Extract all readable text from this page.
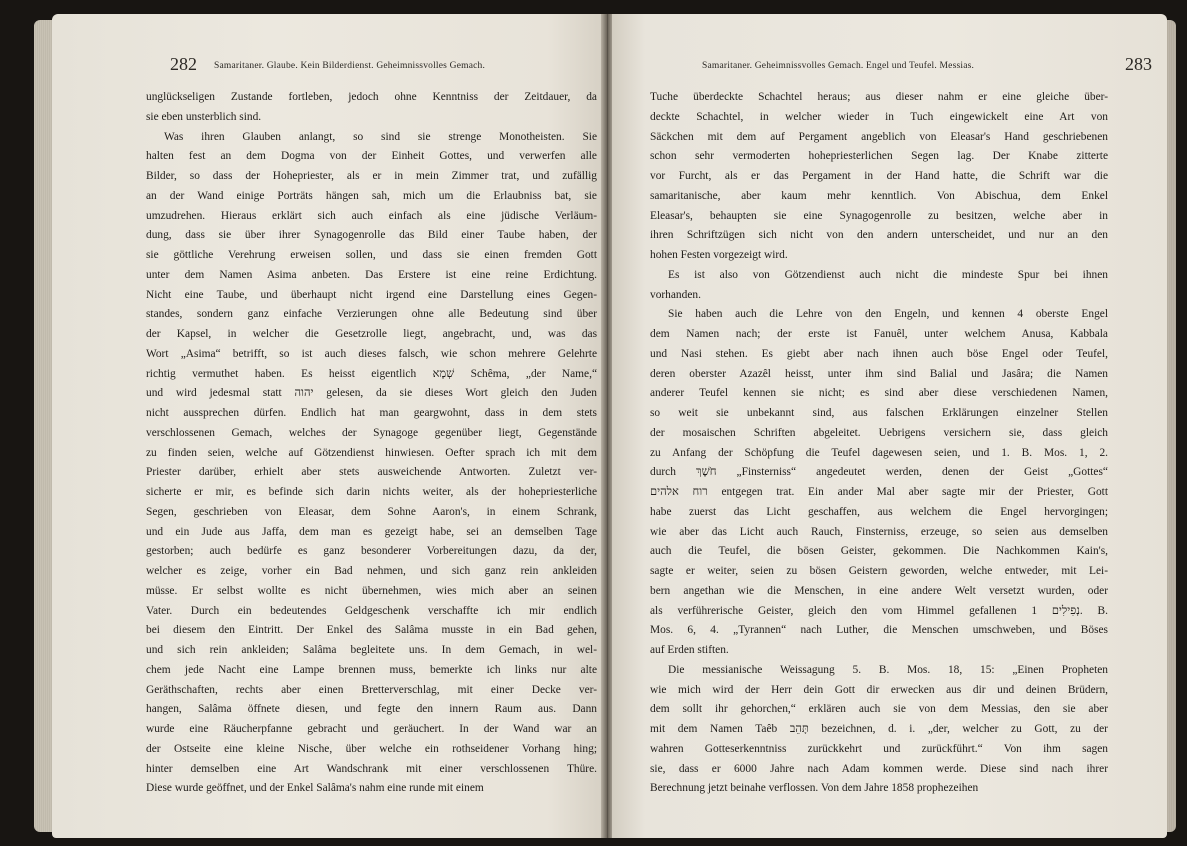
282 Samaritaner. Glaube. Kein Bilderdienst. Geheimnissvolles Gemach.
unglückseligen Zustande fortleben, jedoch ohne Kenntniss der Zeitdauer, da
sie eben unsterblich sind.
Was ihren Glauben anlangt, so sind sie strenge Monotheisten. Sie
halten fest an dem Dogma von der Einheit Gottes, und verwerfen alle
Bilder, so dass der Hohepriester, als er in mein Zimmer trat, und zufällig
an der Wand einige Porträts hängen sah, mich um die Erlaubniss bat, sie
umzudrehen. Hieraus erklärt sich auch einfach als eine jüdische Verläum-
dung, dass sie über ihrer Synagogenrolle das Bild einer Taube haben, der
sie göttliche Verehrung erweisen sollen, und dass sie einen fremden Gott
unter dem Namen Asima anbeten. Das Erstere ist eine reine Erdichtung.
Nicht eine Taube, und überhaupt nicht irgend eine Darstellung eines Gegen-
standes, sondern ganz einfache Verzierungen ohne alle Bedeutung sind über
der Kapsel, in welcher die Gesetzrolle liegt, angebracht, und, was das
Wort „Asima“ betrifft, so ist auch dieses falsch, wie schon mehrere Gelehrte
richtig vermuthet haben. Es heisst eigentlich שְׁמָא Schêma, „der Name,“
und wird jedesmal statt יהוה gelesen, da sie dieses Wort gleich den Juden
nicht aussprechen dürfen. Endlich hat man geargwohnt, dass in dem stets
verschlossenen Gemach, welches der Synagoge gegenüber liegt, Gegenstände
zu finden seien, welche auf Götzendienst hinwiesen. Oefter sprach ich mit dem
Priester darüber, erhielt aber stets ausweichende Antworten. Zuletzt ver-
sicherte er mir, es befinde sich darin nichts weiter, als der hohepriesterliche
Segen, geschrieben von Eleasar, dem Sohne Aaron's, in einem Schrank,
und ein Jude aus Jaffa, dem man es gezeigt habe, sei an demselben Tage
gestorben; auch bedürfe es ganz besonderer Vorbereitungen dazu, da der,
welcher es zeige, vorher ein Bad nehmen, und sich ganz rein ankleiden
müsse. Er selbst wollte es nicht übernehmen, wies mich aber an seinen
Vater. Durch ein bedeutendes Geldgeschenk verschaffte ich mir endlich
bei diesem den Eintritt. Der Enkel des Salâma musste in ein Bad gehen,
und sich rein ankleiden; Salâma begleitete uns. In dem Gemach, in wel-
chem jede Nacht eine Lampe brennen muss, bemerkte ich links nur alte
Geräthschaften, rechts aber einen Bretterverschlag, mit einer Decke ver-
hangen, Salâma öffnete diesen, und fegte den innern Raum aus. Dann
wurde eine Räucherpfanne gebracht und geräuchert. In der Wand war an
der Ostseite eine kleine Nische, über welche ein rothseidener Vorhang hing;
hinter demselben eine Art Wandschrank mit einer verschlossenen Thüre.
Diese wurde geöffnet, und der Enkel Salâma's nahm eine runde mit einem
Samaritaner. Geheimnissvolles Gemach. Engel und Teufel. Messias.	283
Tuche überdeckte Schachtel heraus; aus dieser nahm er eine gleiche über-
deckte Schachtel, in welcher wieder in Tuch eingewickelt eine Art von
Säckchen mit dem auf Pergament angeblich von Eleasar's Hand geschriebenen
schon sehr vermoderten hohepriesterlichen Segen lag. Der Knabe zitterte
vor Furcht, als er das Pergament in der Hand hatte, die Schrift war die
samaritanische, aber kaum mehr kenntlich. Von Abischua, dem Enkel
Eleasar's, behaupten sie eine Synagogenrolle zu besitzen, welche aber in
ihren Schriftzügen sich nicht von den andern unterscheidet, und nur an den
hohen Festen vorgezeigt wird.
Es ist also von Götzendienst auch nicht die mindeste Spur bei ihnen
vorhanden.
Sie haben auch die Lehre von den Engeln, und kennen 4 oberste Engel
dem Namen nach; der erste ist Fanuêl, unter welchem Anusa, Kabbala
und Nasi stehen. Es giebt aber nach ihnen auch böse Engel oder Teufel,
deren oberster Azazêl heisst, unter ihm sind Balial und Jasâra; die Namen
anderer Teufel kennen sie nicht; es sind aber diese verschiedenen Namen,
so weit sie unbekannt sind, aus falschen Erklärungen einzelner Stellen
der mosaischen Schriften abgeleitet. Uebrigens versichern sie, dass gleich
zu Anfang der Schöpfung die Teufel dagewesen seien, und 1. B. Mos. 1, 2.
durch חֹשֶׁךְ „Finsterniss“ angedeutet werden, denen der Geist „Gottes“
רוח אלהים entgegen trat. Ein ander Mal aber sagte mir der Priester, Gott
habe zuerst das Licht geschaffen, aus welchem die Engel hervorgingen;
wie aber das Licht auch Rauch, Finsterniss, erzeuge, so seien aus demselben
auch die Teufel, die bösen Geister, gekommen. Die Nachkommen Kain's,
sagte er weiter, seien zu bösen Geistern geworden, welche entweder, mit Lei-
bern angethan wie die Menschen, in eine andere Welt versetzt wurden, oder
als verführerische Geister, gleich den vom Himmel gefallenen נְפִילִים 1. B.
Mos. 6, 4. „Tyrannen“ nach Luther, die Menschen umschweben, und Böses
auf Erden stiften.
Die messianische Weissagung 5. B. Mos. 18, 15: „Einen Propheten
wie mich wird der Herr dein Gott dir erwecken aus dir und deinen Brüdern,
dem sollt ihr gehorchen,“ erklären auch sie von dem Messias, den sie aber
mit dem Namen Taêb תָּהֵב bezeichnen, d. i. „der, welcher zu Gott, zu der
wahren Gotteserkenntniss zurückkehrt und zurückführt.“ Von ihm sagen
sie, dass er 6000 Jahre nach Adam kommen werde. Diese sind nach ihrer
Berechnung jetzt beinahe verflossen. Von dem Jahre 1858 prophezeihen
